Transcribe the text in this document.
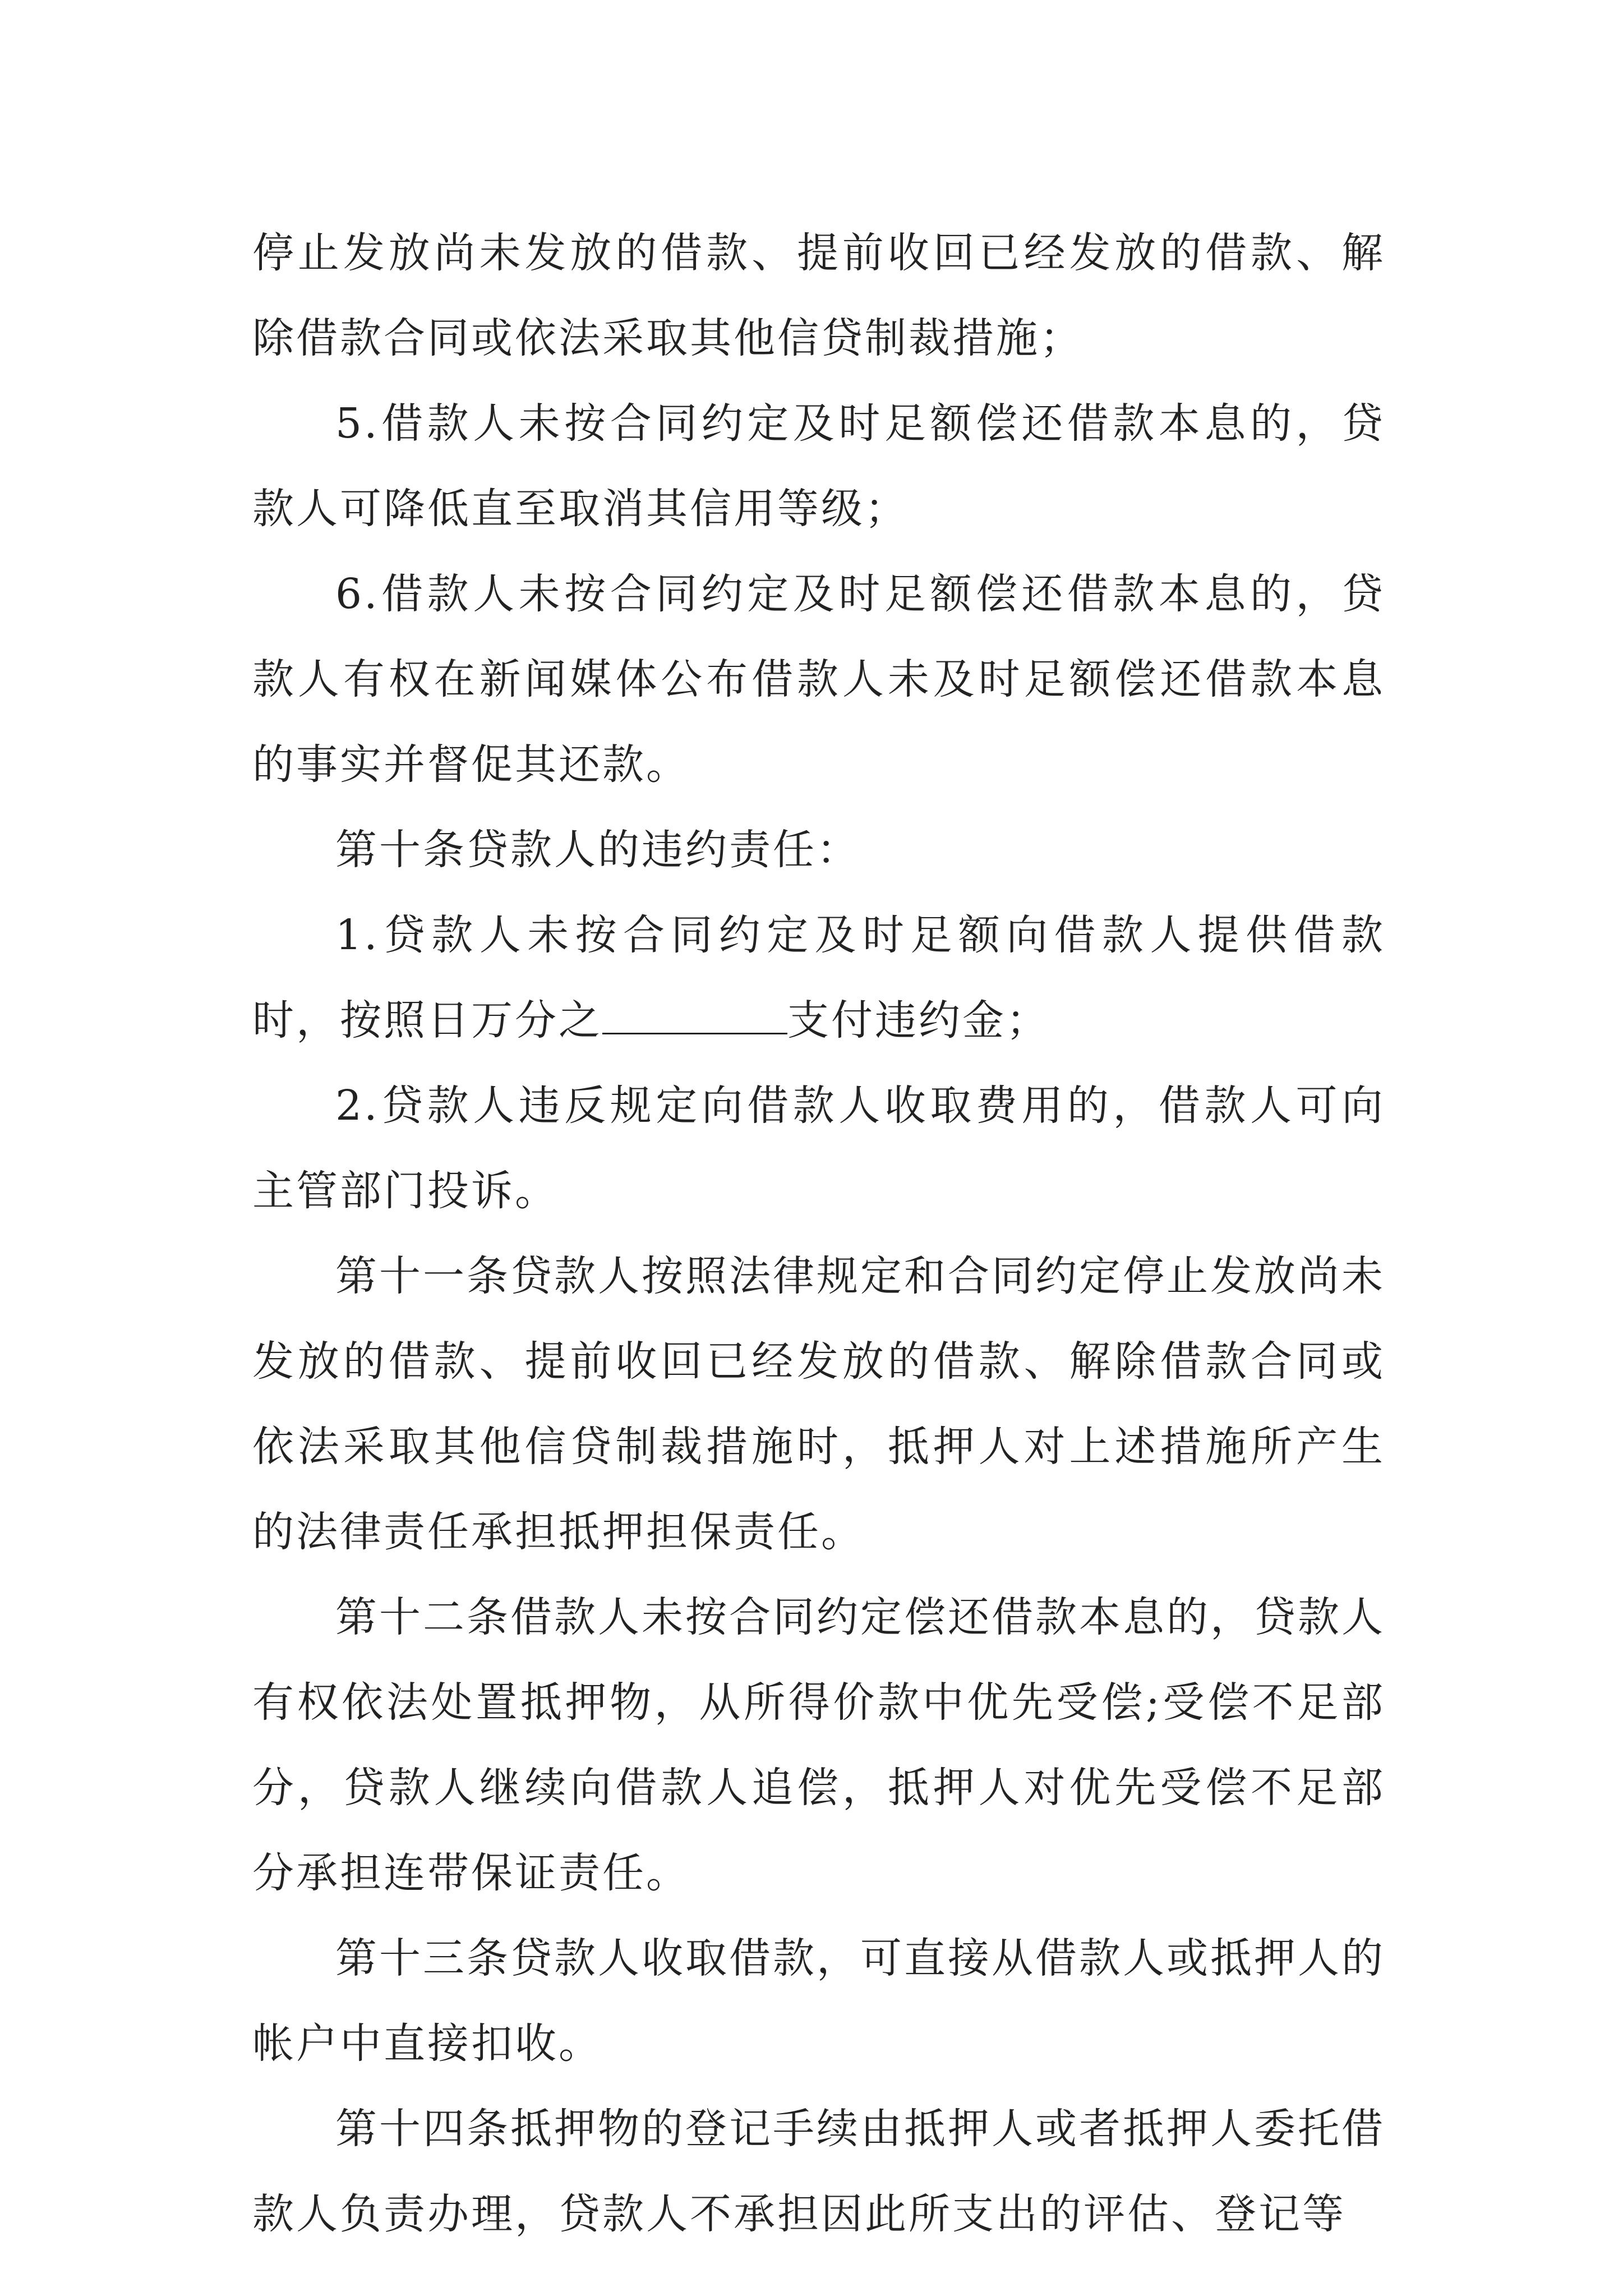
停止发放尚未发放的借款、提前收回已经发放的借款、解除借款合同或依法采取其他信贷制裁措施；

5.借款人未按合同约定及时足额偿还借款本息的，贷款人可降低直至取消其信用等级；

6.借款人未按合同约定及时足额偿还借款本息的，贷款人有权在新闻媒体公布借款人未及时足额偿还借款本息的事实并督促其还款。

第十条贷款人的违约责任：

1.贷款人未按合同约定及时足额向借款人提供借款时，按照日万分之	支付违约金；

2.贷款人违反规定向借款人收取费用的，借款人可向主管部门投诉。

第十一条贷款人按照法律规定和合同约定停止发放尚未发放的借款、提前收回已经发放的借款、解除借款合同或依法采取其他信贷制裁措施时，抵押人对上述措施所产生的法律责任承担抵押担保责任。

第十二条借款人未按合同约定偿还借款本息的，贷款人有权依法处置抵押物，从所得价款中优先受偿;受偿不足部分，贷款人继续向借款人追偿，抵押人对优先受偿不足部分承担连带保证责任。

第十三条贷款人收取借款，可直接从借款人或抵押人的帐户中直接扣收。

第十四条抵押物的登记手续由抵押人或者抵押人委托借款人负责办理，贷款人不承担因此所支出的评估、登记等
